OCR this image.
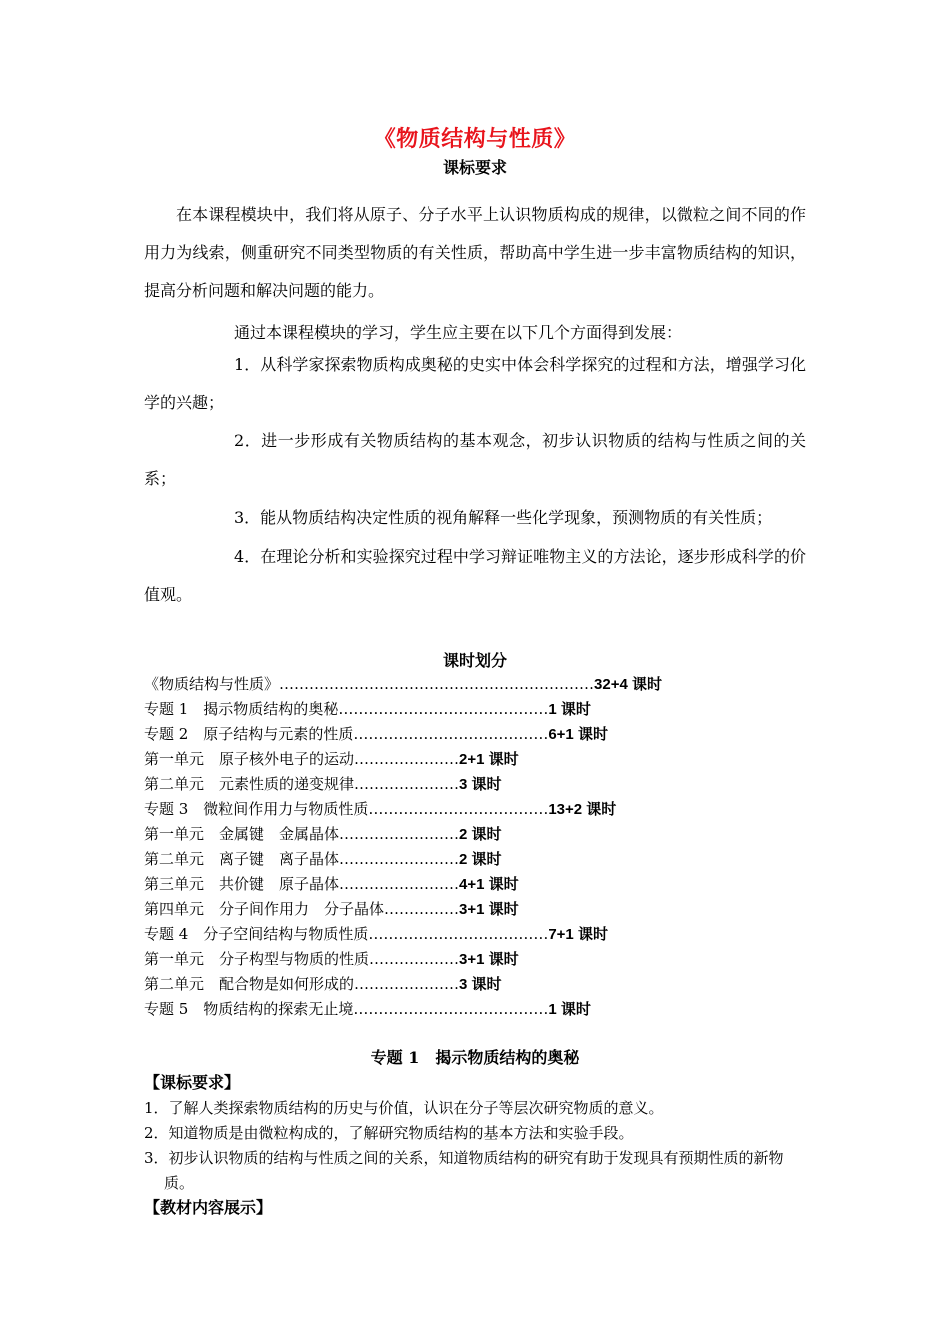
《物质结构与性质》
课标要求
在本课程模块中，我们将从原子、分子水平上认识物质构成的规律，以微粒之间不同的作用力为线索，侧重研究不同类型物质的有关性质，帮助高中学生进一步丰富物质结构的知识，提高分析问题和解决问题的能力。
通过本课程模块的学习，学生应主要在以下几个方面得到发展：
1．从科学家探索物质构成奥秘的史实中体会科学探究的过程和方法，增强学习化学的兴趣；
2．进一步形成有关物质结构的基本观念，初步认识物质的结构与性质之间的关系；
3．能从物质结构决定性质的视角解释一些化学现象，预测物质的有关性质；
4．在理论分析和实验探究过程中学习辩证唯物主义的方法论，逐步形成科学的价值观。
课时划分
《物质结构与性质》………………………………………………………32+4 课时
专题 1　揭示物质结构的奥秘……………………………………1 课时
专题 2　原子结构与元素的性质…………………………………6+1 课时
第一单元　原子核外电子的运动…………………2+1 课时
第二单元　元素性质的递变规律…………………3 课时
专题 3　微粒间作用力与物质性质………………………………13+2 课时
第一单元　金属键　金属晶体……………………2 课时
第二单元　离子键　离子晶体……………………2 课时
第三单元　共价键　原子晶体……………………4+1 课时
第四单元　分子间作用力　分子晶体……………3+1 课时
专题 4　分子空间结构与物质性质………………………………7+1 课时
第一单元　分子构型与物质的性质………………3+1 课时
第二单元　配合物是如何形成的…………………3 课时
专题 5　物质结构的探索无止境…………………………………1 课时
专题 1　揭示物质结构的奥秘
【课标要求】
1．了解人类探索物质结构的历史与价值，认识在分子等层次研究物质的意义。
2．知道物质是由微粒构成的，了解研究物质结构的基本方法和实验手段。
3．初步认识物质的结构与性质之间的关系，知道物质结构的研究有助于发现具有预期性质的新物质。
【教材内容展示】
